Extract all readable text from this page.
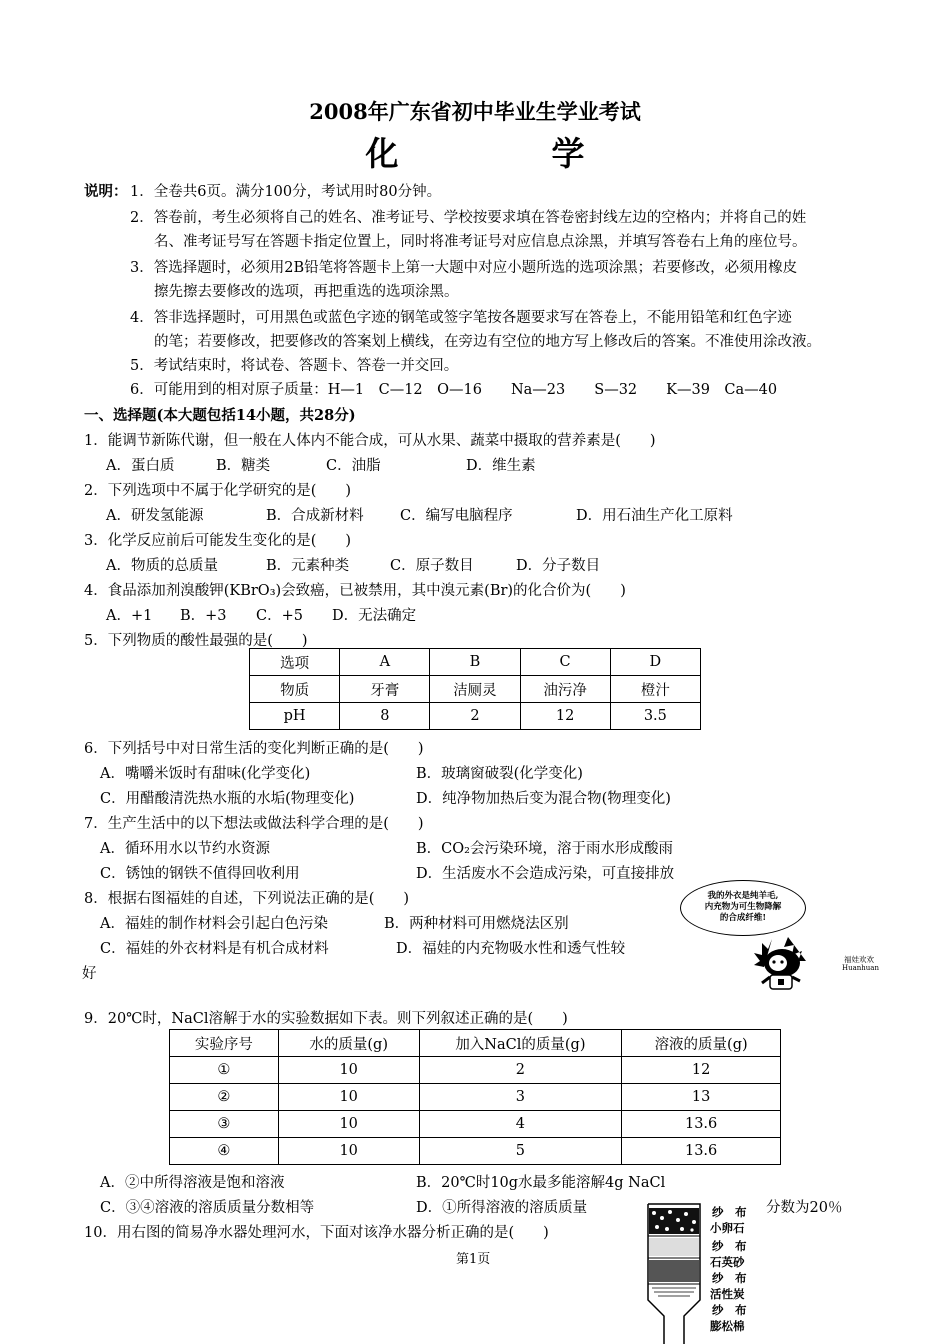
2008年广东省初中毕业生学业考试
化　学
说明： 1．全卷共6页。满分100分，考试用时80分钟。
2．答卷前，考生必须将自己的姓名、准考证号、学校按要求填在答卷密封线左边的空格内；并将自己的姓
名、准考证号写在答题卡指定位置上，同时将准考证号对应信息点涂黑，并填写答卷右上角的座位号。
3．答选择题时，必须用2B铅笔将答题卡上第一大题中对应小题所选的选项涂黑；若要修改，必须用橡皮
擦先擦去要修改的选项，再把重选的选项涂黑。
4．答非选择题时，可用黑色或蓝色字迹的钢笔或签字笔按各题要求写在答卷上，不能用铅笔和红色字迹
的笔；若要修改，把要修改的答案划上横线，在旁边有空位的地方写上修改后的答案。不准使用涂改液。
5．考试结束时，将试卷、答题卡、答卷一并交回。
6．可能用到的相对原子质量：H—1　C—12　O—16　　Na—23　　S—32　　K—39　Ca—40
一、选择题(本大题包括14小题，共28分)
1．能调节新陈代谢，但一般在人体内不能合成，可从水果、蔬菜中摄取的营养素是(　　)
A．蛋白质	B．糖类	C．油脂	D．维生素
2．下列选项中不属于化学研究的是(　　)
A．研发氢能源	B．合成新材料	C．编写电脑程序	D．用石油生产化工原料
3．化学反应前后可能发生变化的是(　　)
A．物质的总质量	B．元素种类	C．原子数目	D．分子数目
4．食品添加剂溴酸钾(KBrO₃)会致癌，已被禁用，其中溴元素(Br)的化合价为(　　)
A．+1 B．+3 C．+5 D．无法确定
5．下列物质的酸性最强的是(　　)
选项	A	B	C	D
物质	牙膏	洁厕灵	油污净	橙汁
pH	8	2	12	3.5
6．下列括号中对日常生活的变化判断正确的是(　　)
A．嘴嚼米饭时有甜味(化学变化)	B．玻璃窗破裂(化学变化)
C．用醋酸清洗热水瓶的水垢(物理变化)	D．纯净物加热后变为混合物(物理变化)
7．生产生活中的以下想法或做法科学合理的是(　　)
A．循环用水以节约水资源	B．CO₂会污染环境，溶于雨水形成酸雨
C．锈蚀的钢铁不值得回收利用	D．生活废水不会造成污染，可直接排放
8．根据右图福娃的自述，下列说法正确的是(　　)
A．福娃的制作材料会引起白色污染	B．两种材料可用燃烧法区别
C．福娃的外衣材料是有机合成材料	D．福娃的内充物吸水性和透气性较
好
我的外衣是纯羊毛,
内充物为可生物降解
的合成纤维!
福娃欢欢
Huanhuan
9．20℃时，NaCl溶解于水的实验数据如下表。则下列叙述正确的是(　　)
实验序号	水的质量(g)	加入NaCl的质量(g)	溶液的质量(g)
①	10	2	12
②	10	3	13
③	10	4	13.6
④	10	5	13.6
A．②中所得溶液是饱和溶液	B．20℃时10g水最多能溶解4g NaCl
C．③④溶液的溶质质量分数相等	D．①所得溶液的溶质质量	分数为20％
10．用右图的简易净水器处理河水，下面对该净水器分析正确的是(　　)
纱　布
小卵石
纱　布
石英砂
纱　布
活性炭
纱　布
膨松棉
第1页
